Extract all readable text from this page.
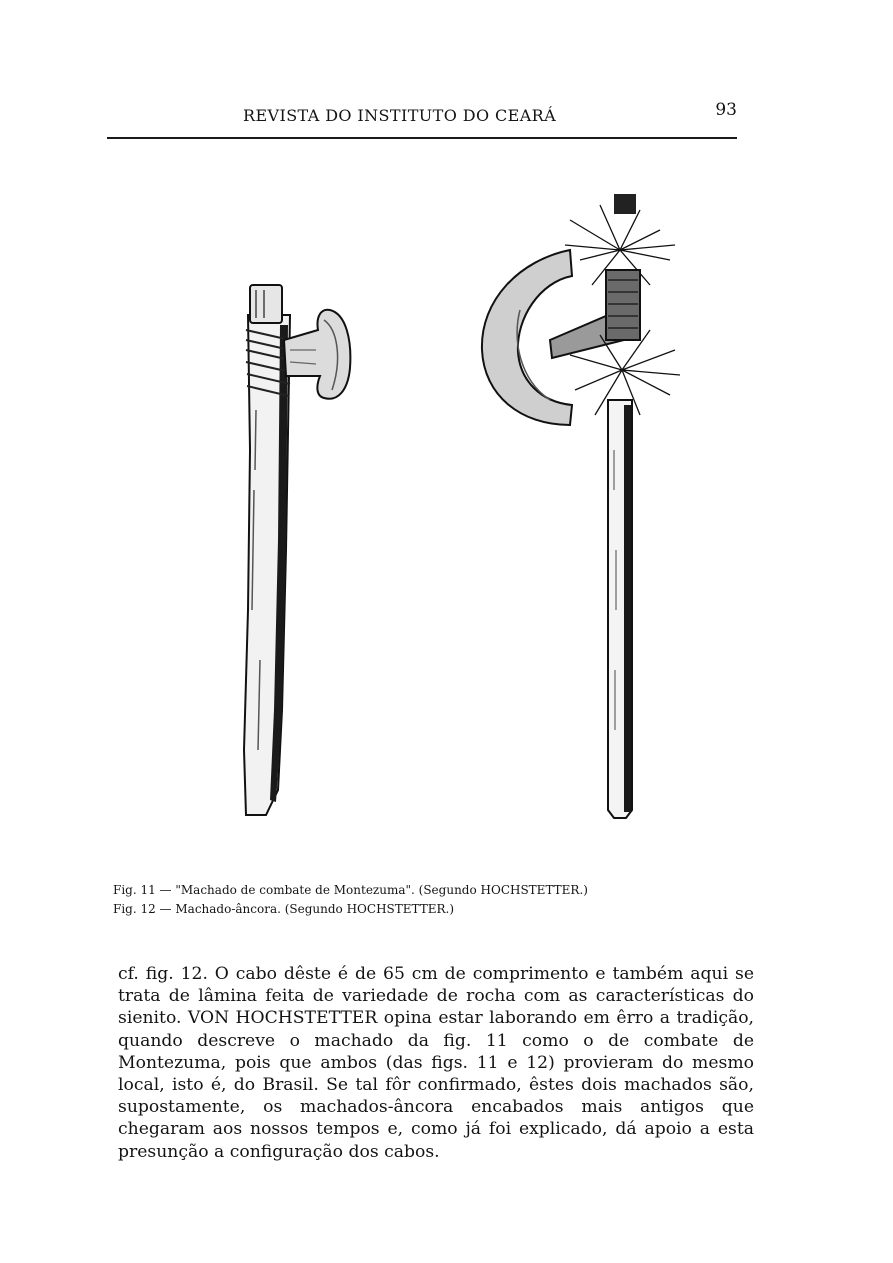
REVISTA DO INSTITUTO DO CEARÁ	93
Fig. 11 — "Machado de combate de Montezuma". (Segundo HOCHSTETTER.)
Fig. 12 — Machado-âncora. (Segundo HOCHSTETTER.)
cf. fig. 12. O cabo dêste é de 65 cm de comprimento e também aqui se trata de lâmina feita de variedade de rocha com as características do sienito. VON HOCHSTETTER opina estar laborando em êrro a tradição, quando descreve o machado da fig. 11 como o de combate de Montezuma, pois que ambos (das figs. 11 e 12) provieram do mesmo local, isto é, do Brasil. Se tal fôr confirmado, êstes dois machados são, supostamente, os machados-âncora encabados mais antigos que chegaram aos nossos tempos e, como já foi explicado, dá apoio a esta presunção a configuração dos cabos.
